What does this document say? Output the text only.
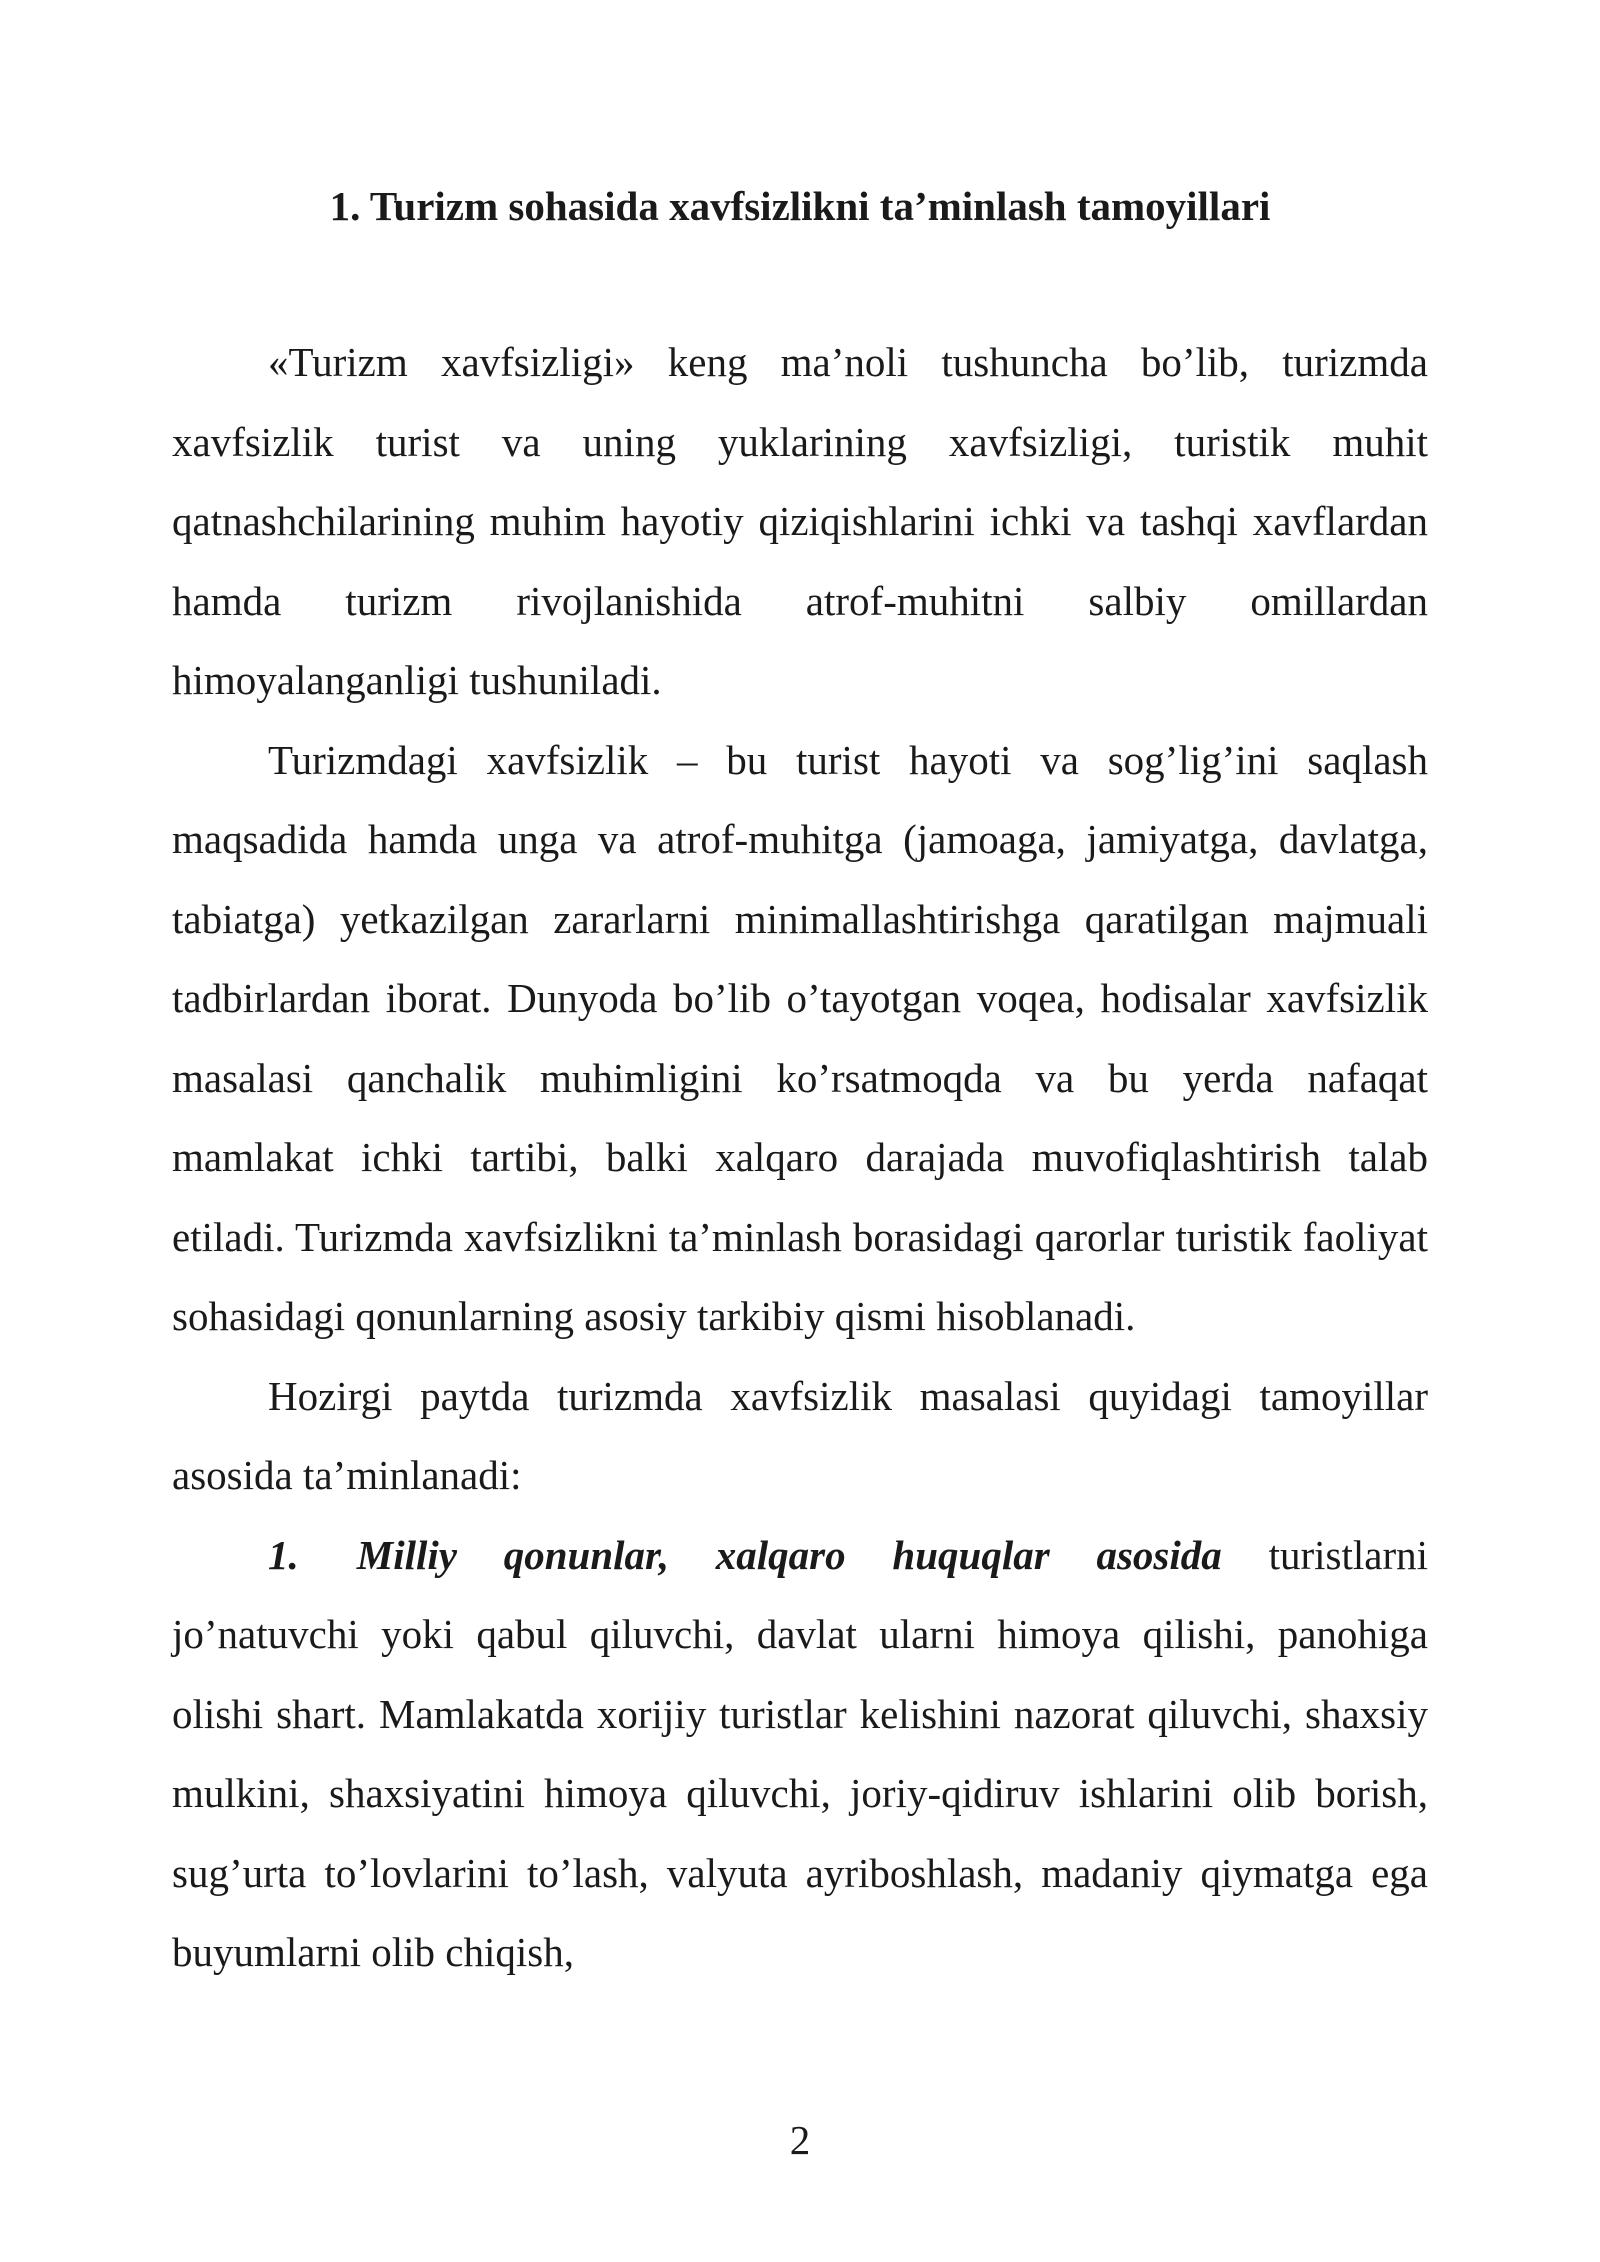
1. Turizm sohasida xavfsizlikni ta’minlash tamoyillari

«Turizm xavfsizligi» keng ma’noli tushuncha bo’lib, turizmda xavfsizlik turist va uning yuklarining xavfsizligi, turistik muhit qatnashchilarining muhim hayotiy qiziqishlarini ichki va tashqi xavflardan hamda turizm rivojlanishida atrof-muhitni salbiy omillardan himoyalanganligi tushuniladi.

Turizmdagi xavfsizlik – bu turist hayoti va sog’lig’ini saqlash maqsadida hamda unga va atrof-muhitga (jamoaga, jamiyatga, davlatga, tabiatga) yetkazilgan zararlarni minimallashtirishga qaratilgan majmuali tadbirlardan iborat. Dunyoda bo’lib o’tayotgan voqea, hodisalar xavfsizlik masalasi qanchalik muhimligini ko’rsatmoqda va bu yerda nafaqat mamlakat ichki tartibi, balki xalqaro darajada muvofiqlashtirish talab etiladi. Turizmda xavfsizlikni ta’minlash borasidagi qarorlar turistik faoliyat sohasidagi qonunlarning asosiy tarkibiy qismi hisoblanadi.

Hozirgi paytda turizmda xavfsizlik masalasi quyidagi tamoyillar asosida ta’minlanadi:

1. Milliy qonunlar, xalqaro huquqlar asosida turistlarni jo’natuvchi yoki qabul qiluvchi, davlat ularni himoya qilishi, panohiga olishi shart. Mamlakatda xorijiy turistlar kelishini nazorat qiluvchi, shaxsiy mulkini, shaxsiyatini himoya qiluvchi, joriy-qidiruv ishlarini olib borish, sug’urta to’lovlarini to’lash, valyuta ayriboshlash, madaniy qiymatga ega buyumlarni olib chiqish,

2
